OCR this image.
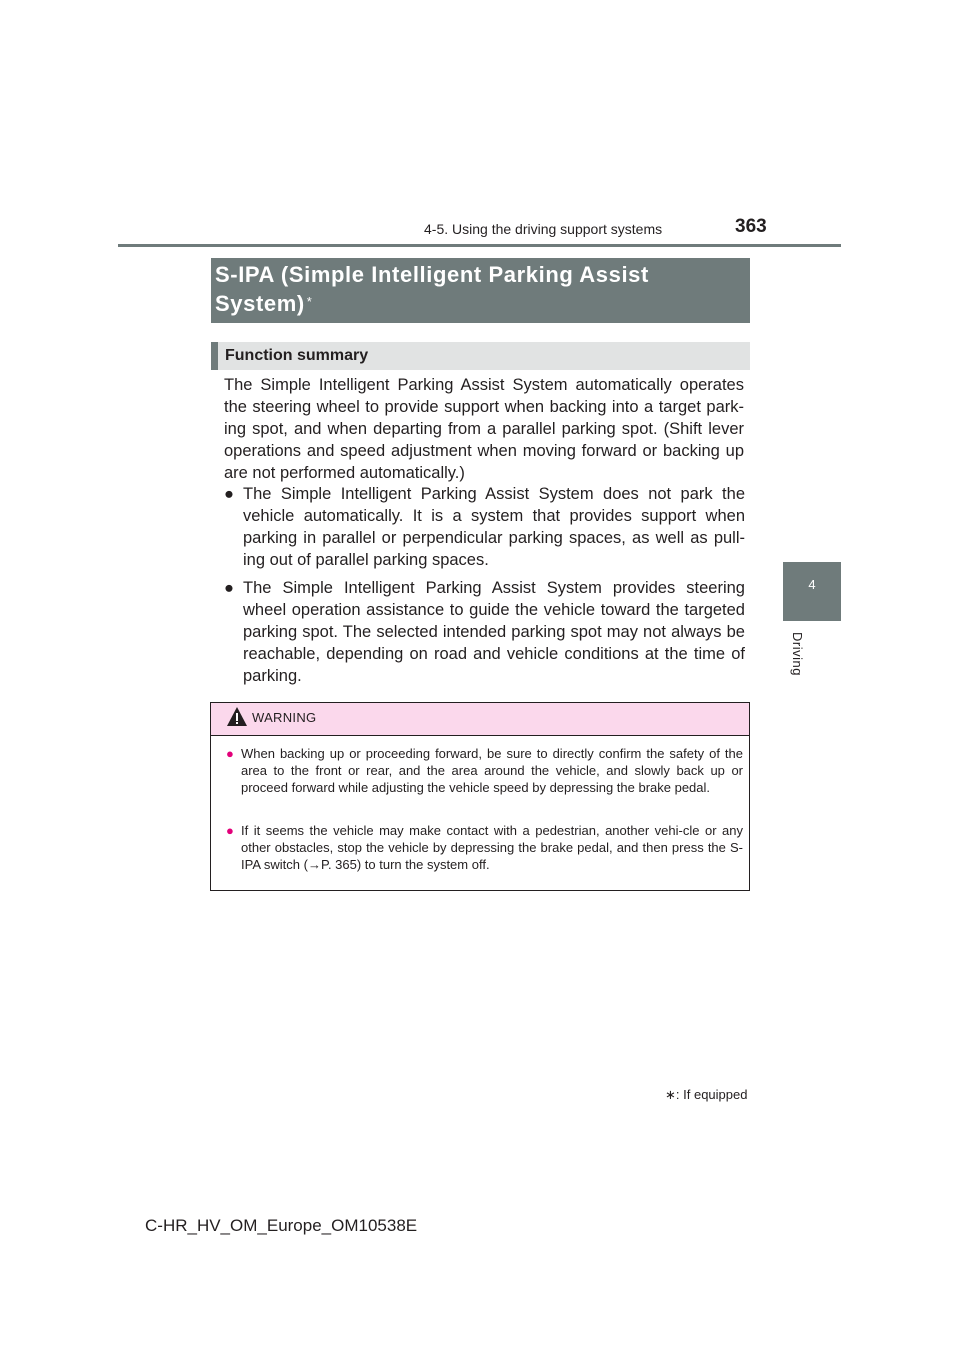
4-5. Using the driving support systems	363
4
Driving
S-IPA (Simple Intelligent Parking Assist System) *
Function summary
The Simple Intelligent Parking Assist System automatically operates the steering wheel to provide support when backing into a target park-ing spot, and when departing from a parallel parking spot. (Shift lever operations and speed adjustment when moving forward or backing up are not performed automatically.)
● The Simple Intelligent Parking Assist System does not park the vehicle automatically. It is a system that provides support when parking in parallel or perpendicular parking spaces, as well as pull-ing out of parallel parking spaces.
● The Simple Intelligent Parking Assist System provides steering wheel operation assistance to guide the vehicle toward the targeted parking spot. The selected intended parking spot may not always be reachable, depending on road and vehicle conditions at the time of parking.
WARNING
● When backing up or proceeding forward, be sure to directly confirm the safety of the area to the front or rear, and the area around the vehicle, and slowly back up or proceed forward while adjusting the vehicle speed by depressing the brake pedal.
● If it seems the vehicle may make contact with a pedestrian, another vehi-cle or any other obstacles, stop the vehicle by depressing the brake pedal, and then press the S-IPA switch (→P. 365) to turn the system off.
∗: If equipped
C-HR_HV_OM_Europe_OM10538E
